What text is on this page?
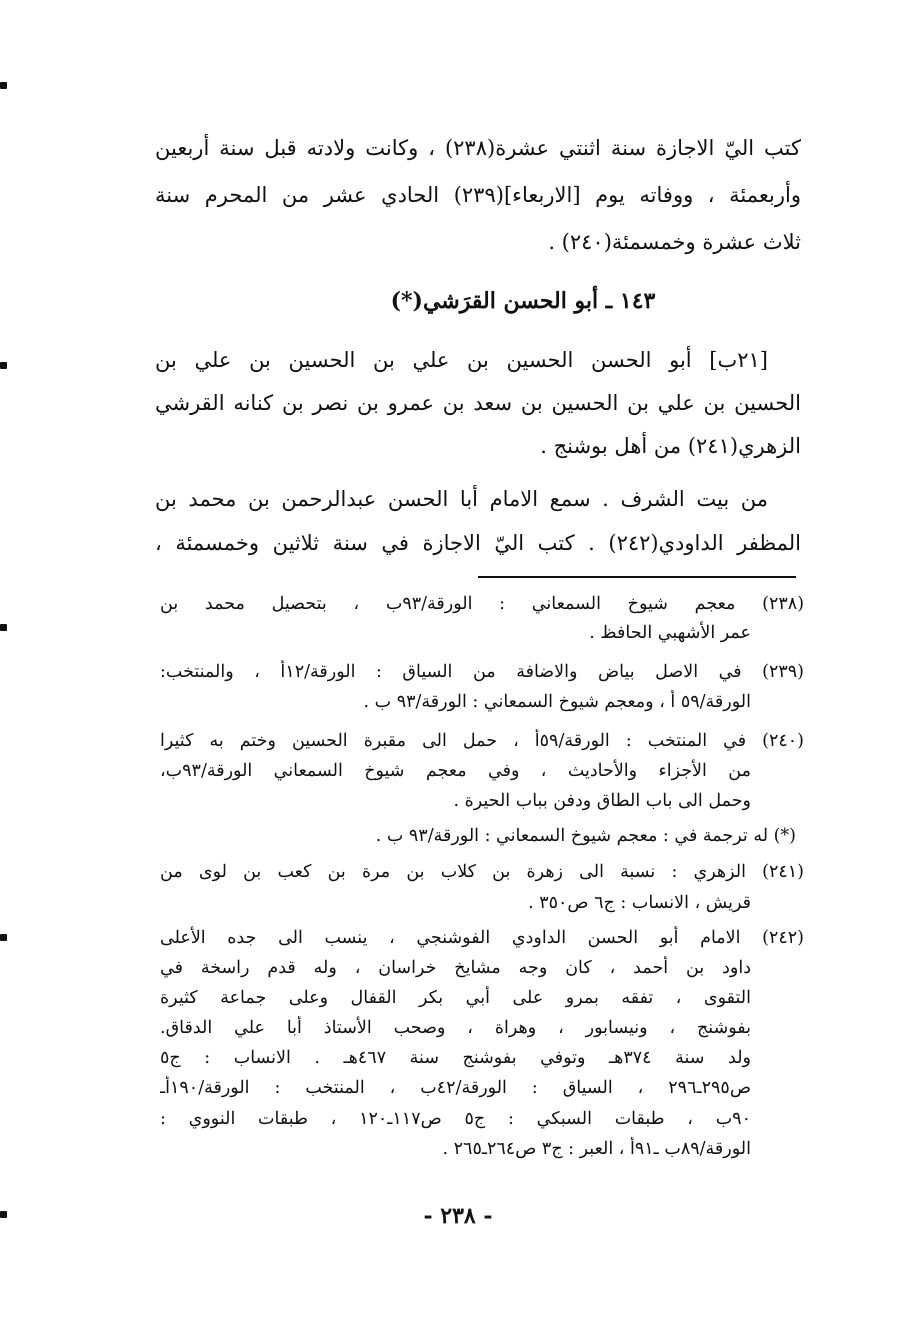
كتب اليّ الاجازة سنة اثنتي عشرة(٢٣٨) ، وكانت ولادته قبل سنة أربعين
وأربعمئة ، ووفاته يوم [الاربعاء](٢٣٩) الحادي عشر من المحرم سنة
ثلاث عشرة وخمسمئة(٢٤٠) .
١٤٣ ـ أبو الحسن القرَشي(*)
[٢١ب] أبو الحسن الحسين بن علي بن الحسين بن علي بن
الحسين بن علي بن الحسين بن سعد بن عمرو بن نصر بن كنانه القرشي
الزهري(٢٤١) من أهل بوشنج .
من بيت الشرف . سمع الامام أبا الحسن عبدالرحمن بن محمد بن
المظفر الداودي(٢٤٢) . كتب اليّ الاجازة في سنة ثلاثين وخمسمئة ،
(٢٣٨) معجم شيوخ السمعاني : الورقة/٩٣ب ، بتحصيل محمد بن
عمر الأشهبي الحافظ .
(٢٣٩) في الاصل بياض والاضافة من السياق : الورقة/١٢أ ، والمنتخب:
الورقة/٥٩ أ ، ومعجم شيوخ السمعاني : الورقة/٩٣ ب .
(٢٤٠) في المنتخب : الورقة/٥٩أ ، حمل الى مقبرة الحسين وختم به كثيرا
من الأجزاء والأحاديث ، وفي معجم شيوخ السمعاني الورقة/٩٣ب،
وحمل الى باب الطاق ودفن بباب الحيرة .
(*) له ترجمة في : معجم شيوخ السمعاني : الورقة/٩٣ ب .
(٢٤١) الزهري : نسبة الى زهرة بن كلاب بن مرة بن كعب بن لوى من
قريش ، الانساب : ج٦ ص٣٥٠ .
(٢٤٢) الامام أبو الحسن الداودي الفوشنجي ، ينسب الى جده الأعلى
داود بن أحمد ، كان وجه مشايخ خراسان ، وله قدم راسخة في
التقوى ، تفقه بمرو على أبي بكر القفال وعلى جماعة كثيرة
بفوشنج ، ونيسابور ، وهراة ، وصحب الأستاذ أبا علي الدقاق.
ولد سنة ٣٧٤هـ وتوفي بفوشنج سنة ٤٦٧هـ . الانساب : ج٥
ص٢٩٥ـ٢٩٦ ، السياق : الورقة/٤٢ب ، المنتخب : الورقة/١٩٠أـ
٩٠ب ، طبقات السبكي : ج٥ ص١١٧ـ١٢٠ ، طبقات النووي :
الورقة/٨٩ب ـ٩١أ ، العبر : ج٣ ص٢٦٤ـ٢٦٥ .
- ٢٣٨ -
